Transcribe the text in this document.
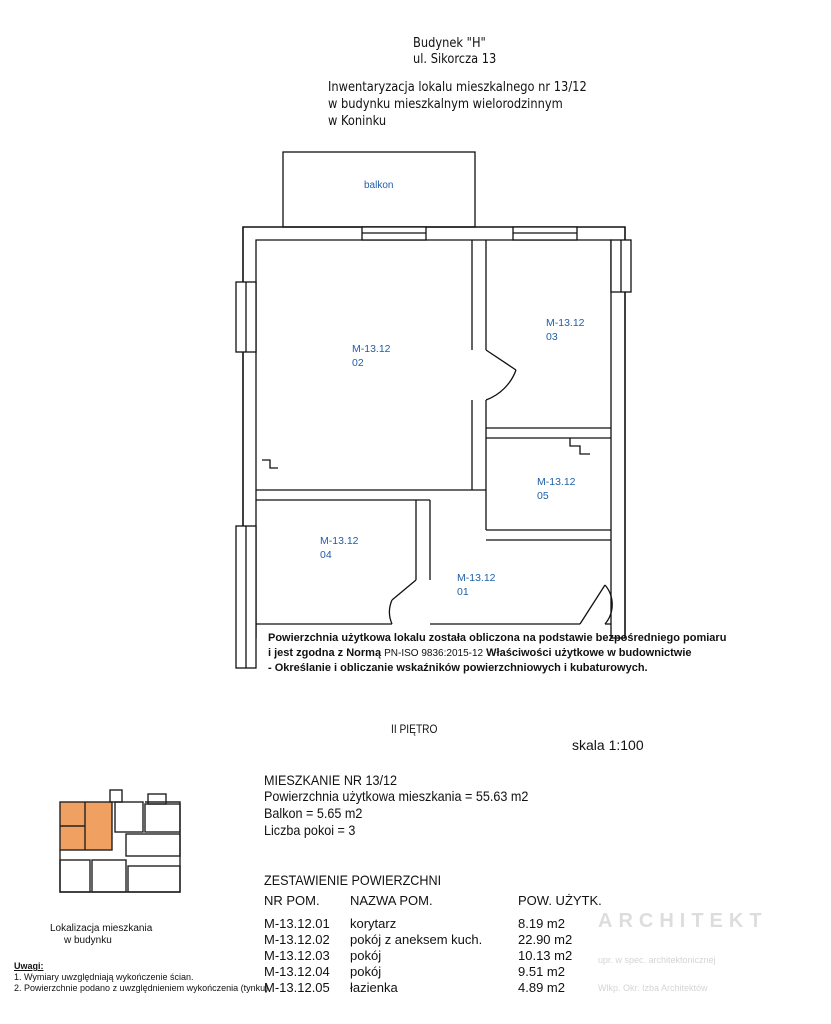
Budynek "H"
ul. Sikorcza 13
Inwentaryzacja lokalu mieszkalnego nr 13/12
w budynku mieszkalnym wielorodzinnym
w Koninku
balkon
M-13.12
02
M-13.12
03
M-13.12
05
M-13.12
04
M-13.12
01
Powierzchnia użytkowa lokalu została obliczona na podstawie bezpośredniego pomiaru
i jest zgodna z Normą PN-ISO 9836:2015-12 Właściwości użytkowe w budownictwie
- Określanie i obliczanie wskaźników powierzchniowych i kubaturowych.
II PIĘTRO
skala 1:100
MIESZKANIE NR 13/12
Powierzchnia użytkowa mieszkania = 55.63 m2
Balkon = 5.65 m2
Liczba pokoi = 3
ZESTAWIENIE POWIERZCHNI
NR POM. NAZWA POM.	POW. UŻYTK.
M-13.12.01	korytarz	8.19 m2
M-13.12.02	pokój z aneksem kuch.	22.90 m2
M-13.12.03	pokój	10.13 m2
M-13.12.04	pokój	9.51 m2
M-13.12.05	łazienka	4.89 m2
Lokalizacja mieszkania
w budynku
Uwagi:
1. Wymiary uwzględniają wykończenie ścian.
2. Powierzchnie podano z uwzględnieniem wykończenia (tynku).
ARCHITEKT
upr. w spec. architektonicznej
Wlkp. Okr. Izba Architektów
